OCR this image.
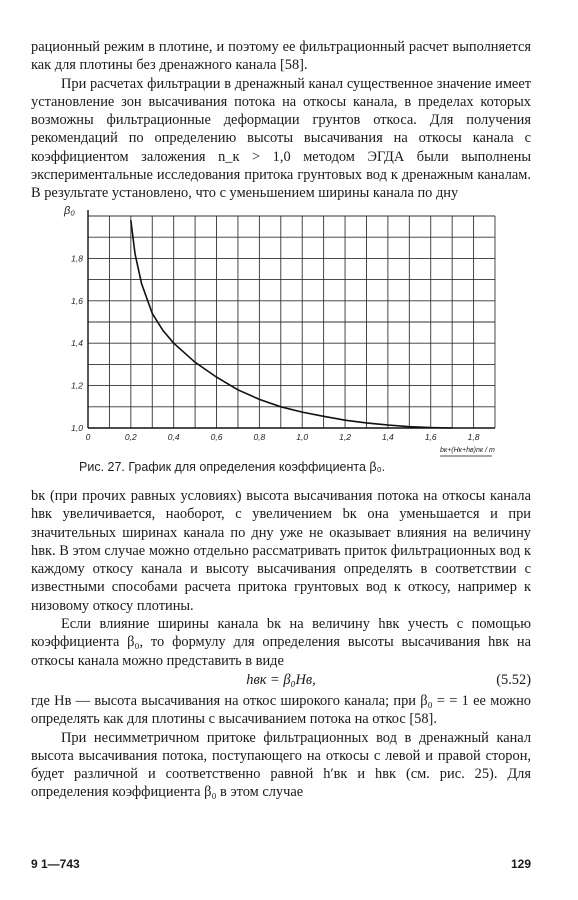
рационный режим в плотине, и поэтому ее фильтрационный расчет выполняется как для плотины без дренажного канала [58].

При расчетах фильтрации в дренажный канал существенное значение имеет установление зон высачивания потока на откосы канала, в пределах которых возможны фильтрационные деформации грунтов откоса. Для получения рекомендаций по определению высоты высачивания на откосы канала с коэффициентом заложения n_к > 1,0 методом ЭГДА были выполнены экспериментальные исследования притока грунтовых вод к дренажным каналам. В результате установлено, что с уменьшением ширины канала по дну

0	0,2	0,4	0,6	0,8	1,0	1,2	1,4	1,6	1,8
1,0
1,2
1,4
1,6
1,8
β₀
bк+(Hк+hв)nк / m
Рис. 27. График для определения коэффициента β₀.

bк (при прочих равных условиях) высота высачивания потока на откосы канала hвк увеличивается, наоборот, с увеличением bк она уменьшается и при значительных ширинах канала по дну уже не оказывает влияния на величину hвк. В этом случае можно отдельно рассматривать приток фильтрационных вод к каждому откосу канала и высоту высачивания определять в соответствии с известными способами расчета притока грунтовых вод к откосу, например к низовому откосу плотины.

Если влияние ширины канала bк на величину hвк учесть с помощью коэффициента β₀, то формулу для определения высоты высачивания hвк на откосы канала можно представить в виде

hвк = β₀Hв,	(5.52)

где Hв — высота высачивания на откос широкого канала; при β₀ = = 1 ее можно определять как для плотины с высачиванием потока на откос [58].

При несимметричном притоке фильтрационных вод в дренажный канал высота высачивания потока, поступающего на откосы с левой и правой сторон, будет различной и соответственно равной h′вк и hвк (см. рис. 25). Для определения коэффициента β₀ в этом случае

9 1—743	129
